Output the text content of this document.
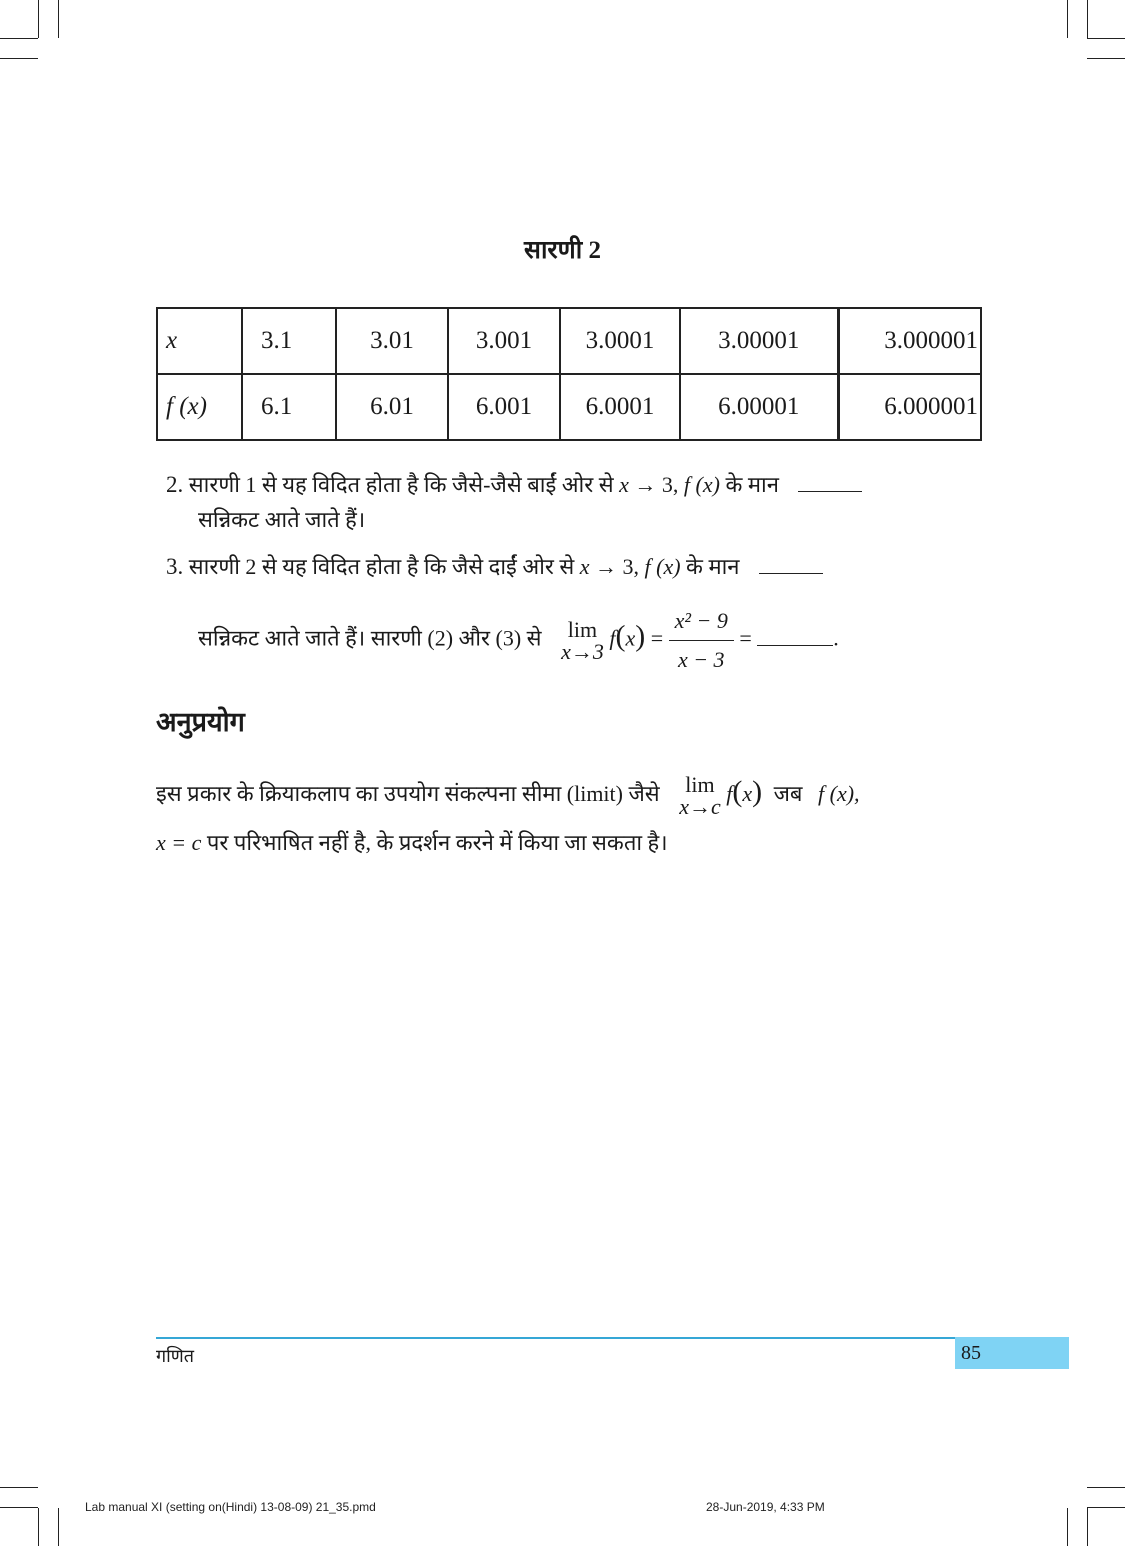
सारणी 2
x	3.1	3.01	3.001	3.0001	3.00001	3.000001
f (x)	6.1	6.01	6.001	6.0001	6.00001	6.000001
2. सारणी 1 से यह विदित होता है कि जैसे-जैसे बाईं ओर से x → 3, f (x) के मान
सन्निकट आते जाते हैं।
3. सारणी 2 से यह विदित होता है कि जैसे दाईं ओर से x → 3, f (x) के मान
सन्निकट आते जाते हैं। सारणी (2) और (3) से lim
x→3
$f(x) = \frac{\text{x² − 9}}{x - 3}$ =	.
अनुप्रयोग
इस प्रकार के क्रियाकलाप का उपयोग संकल्पना सीमा (limit) जैसे lim
x→c
f(x) जब f (x),
x = c पर परिभाषित नहीं है, के प्रदर्शन करने में किया जा सकता है।
85
गणित
Lab manual XI (setting on(Hindi) 13-08-09) 21_35.pmd	28-Jun-2019, 4:33 PM
